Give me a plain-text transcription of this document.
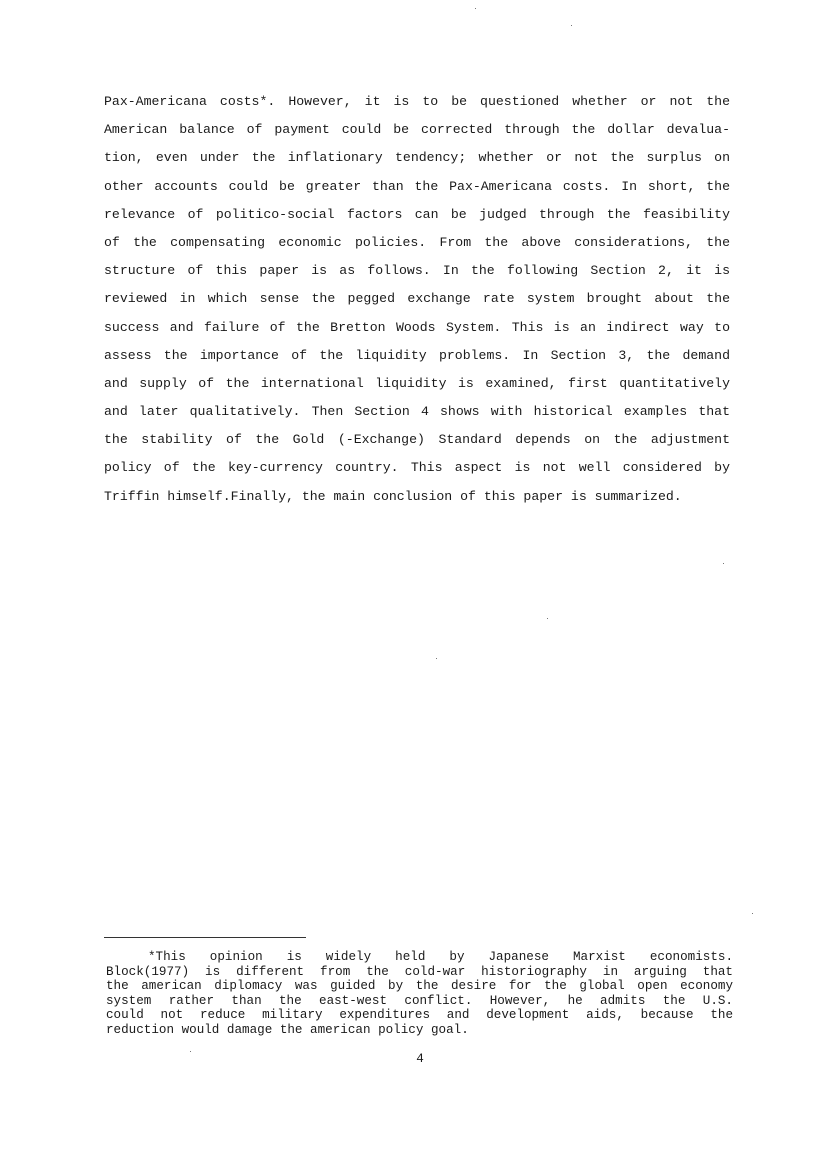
Pax-Americana costs*. However, it is to be questioned whether or not the
American balance of payment could be corrected through the dollar devalua-
tion, even under the inflationary tendency; whether or not the surplus on
other accounts could be greater than the Pax-Americana costs. In short, the
relevance of politico-social factors can be judged through the feasibility
of the compensating economic policies. From the above considerations, the
structure of this paper is as follows. In the following Section 2, it is
reviewed in which sense the pegged exchange rate system brought about the
success and failure of the Bretton Woods System. This is an indirect way to
assess the importance of the liquidity problems. In Section 3, the demand
and supply of the international liquidity is examined, first quantitatively
and later qualitatively. Then Section 4 shows with historical examples that
the stability of the Gold (-Exchange) Standard depends on the adjustment
policy of the key-currency country. This aspect is not well considered by
Triffin himself.Finally, the main conclusion of this paper is summarized.
*This opinion is widely held by Japanese Marxist economists.
Block(1977) is different from the cold-war historiography in arguing that
the american diplomacy was guided by the desire for the global open economy
system rather than the east-west conflict. However, he admits the U.S.
could not reduce military expenditures and development aids, because the
reduction would damage the american policy goal.
4
